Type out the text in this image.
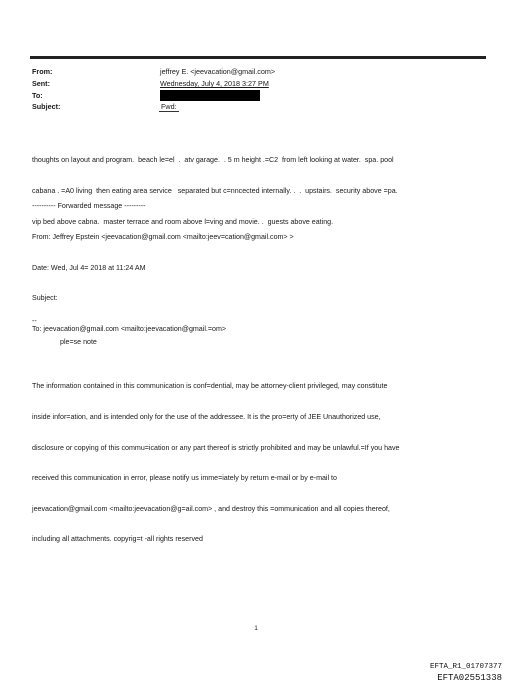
From:	jeffrey E. <jeevacation@gmail.com>
Sent:	Wednesday, July 4, 2018 3:27 PM
To:
Subject:	Fwd:

thoughts on layout and program.  beach le=el  .  atv garage.  . 5 m height .=C2  from left looking at water.  spa. pool

cabana . =A0 living  then eating area service   separated but c=nncected internally. .  .  upstairs.  security above =pa.

vip bed above cabna.  master terrace and room above l=ving and movie. .  guests above eating.

---------- Forwarded message ---------

From: Jeffrey Epstein <jeevacation@gmail.com <mailto:jeev=cation@gmail.com> >

Date: Wed, Jul 4= 2018 at 11:24 AM

Subject:

To: jeevacation@gmail.com <mailto:jeevacation@gmail.=om>

--
ple=se note

The information contained in this communication is conf=dential, may be attorney-client privileged, may constitute

inside infor=ation, and is intended only for the use of the addressee. It is the pro=erty of JEE Unauthorized use,

disclosure or copying of this commu=ication or any part thereof is strictly prohibited and may be unlawful.=If you have

received this communication in error, please notify us imme=iately by return e-mail or by e-mail to

jeevacation@gmail.com <mailto:jeevacation@g=ail.com> , and destroy this =ommunication and all copies thereof,

including all attachments. copyrig=t -all rights reserved

1
EFTA_R1_01707377
EFTA02551338
